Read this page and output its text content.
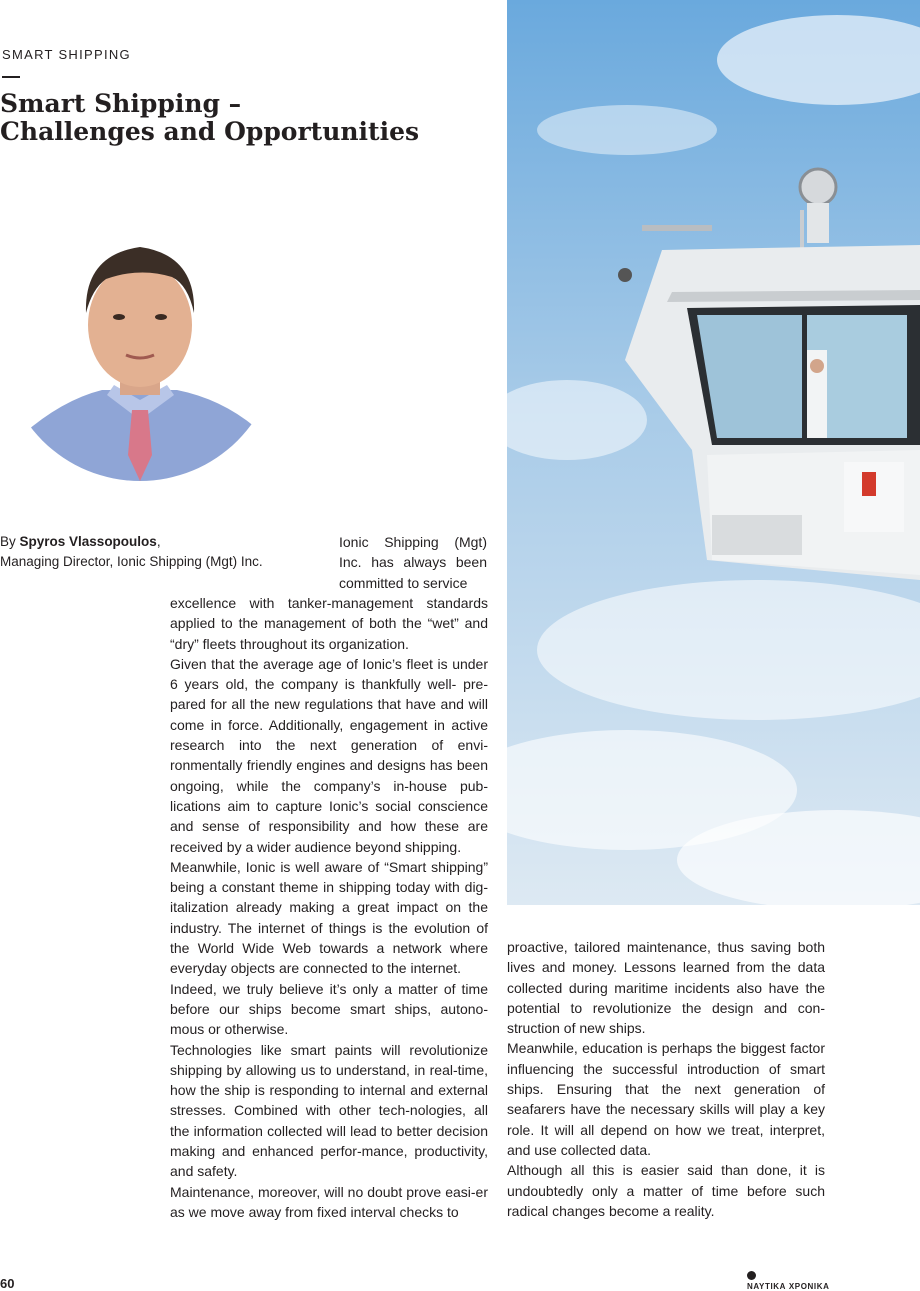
SMART SHIPPING
Smart Shipping –
Challenges and Opportunities
By Spyros Vlassopoulos,
Managing Director, Ionic Shipping (Mgt) Inc.

Ionic Shipping (Mgt) Inc. has always been committed to service

excellence with tanker-management standards applied to the management of both the “wet” and “dry” fleets throughout its organization.

Given that the average age of Ionic’s fleet is under 6 years old, the company is thankfully well- pre-pared for all the new regulations that have and will come in force. Additionally, engagement in active research into the next generation of envi-ronmentally friendly engines and designs has been ongoing, while the company’s in-house pub-lications aim to capture Ionic’s social conscience and sense of responsibility and how these are received by a wider audience beyond shipping.

Meanwhile, Ionic is well aware of “Smart shipping” being a constant theme in shipping today with dig-italization already making a great impact on the industry. The internet of things is the evolution of the World Wide Web towards a network where everyday objects are connected to the internet.

Indeed, we truly believe it’s only a matter of time before our ships become smart ships, autono-mous or otherwise.

Technologies like smart paints will revolutionize shipping by allowing us to understand, in real-time, how the ship is responding to internal and external stresses. Combined with other tech-nologies, all the information collected will lead to better decision making and enhanced perfor-mance, productivity, and safety.

Maintenance, moreover, will no doubt prove easi-er as we move away from fixed interval checks to

proactive, tailored maintenance, thus saving both lives and money. Lessons learned from the data collected during maritime incidents also have the potential to revolutionize the design and con-struction of new ships.

Meanwhile, education is perhaps the biggest factor influencing the successful introduction of smart ships. Ensuring that the next generation of seafarers have the necessary skills will play a key role. It will all depend on how we treat, interpret, and use collected data.

Although all this is easier said than done, it is undoubtedly only a matter of time before such radical changes become a reality.

60	ΝΑΥΤΙΚΑ ΧΡΟΝΙΚΑ
